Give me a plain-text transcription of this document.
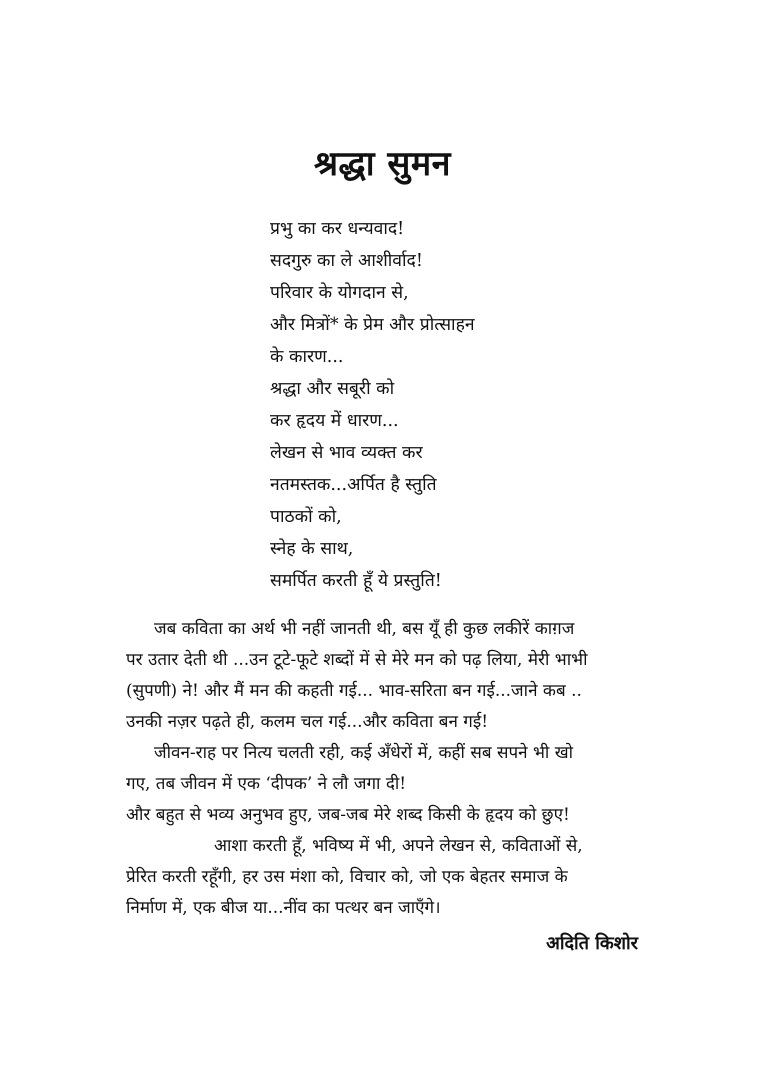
श्रद्धा सुमन
प्रभु का कर धन्यवाद!
सदगुरु का ले आशीर्वाद!
परिवार के योगदान से,
और मित्रों* के प्रेम और प्रोत्साहन
के कारण...
श्रद्धा और सबूरी को
कर हृदय में धारण...
लेखन से भाव व्यक्त कर
नतमस्तक...अर्पित है स्तुति
पाठकों को,
स्नेह के साथ,
समर्पित करती हूँ ये प्रस्तुति!
जब कविता का अर्थ भी नहीं जानती थी, बस यूँ ही कुछ लकीरें काग़ज
पर उतार देती थी ...उन टूटे-फूटे शब्दों में से मेरे मन को पढ़ लिया, मेरी भाभी
(सुपणी) ने! और मैं मन की कहती गई... भाव-सरिता बन गई...जाने कब ..
उनकी नज़र पढ़ते ही, कलम चल गई...और कविता बन गई!
जीवन-राह पर नित्य चलती रही, कई अँधेरों में, कहीं सब सपने भी खो
गए, तब जीवन में एक ‘दीपक’ ने लौ जगा दी!
और बहुत से भव्य अनुभव हुए, जब-जब मेरे शब्द किसी के हृदय को छुए!
आशा करती हूँ, भविष्य में भी, अपने लेखन से, कविताओं से,
प्रेरित करती रहूँगी, हर उस मंशा को, विचार को, जो एक बेहतर समाज के
निर्माण में, एक बीज या...नींव का पत्थर बन जाएँगे।
अदिति किशोर
